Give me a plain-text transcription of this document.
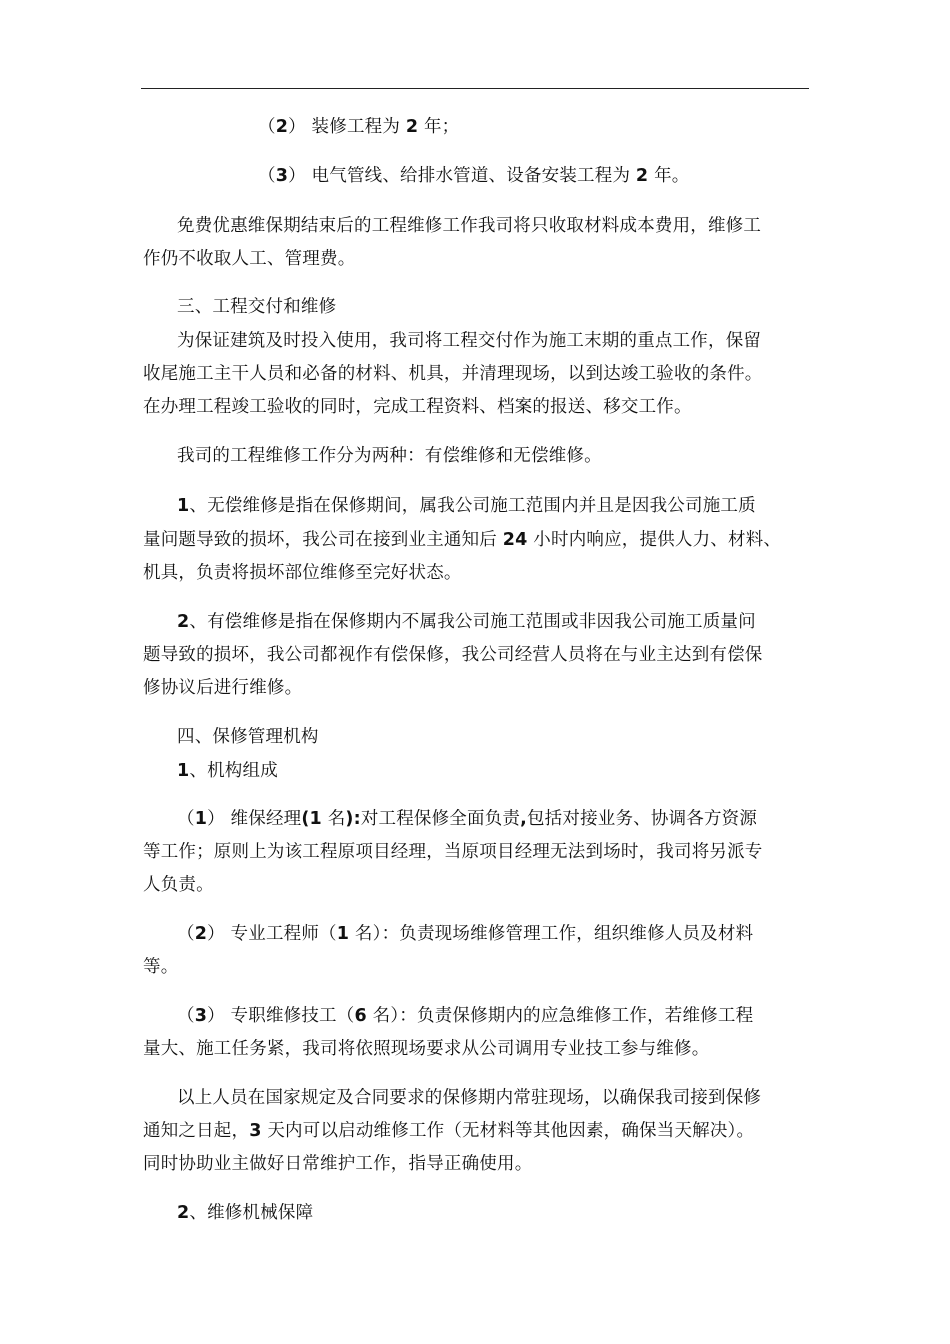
（2） 装修工程为 2 年；
（3） 电气管线、给排水管道、设备安装工程为 2 年。
免费优惠维保期结束后的工程维修工作我司将只收取材料成本费用，维修工
作仍不收取人工、管理费。
三、工程交付和维修
为保证建筑及时投入使用，我司将工程交付作为施工末期的重点工作，保留
收尾施工主干人员和必备的材料、机具，并清理现场，以到达竣工验收的条件。
在办理工程竣工验收的同时，完成工程资料、档案的报送、移交工作。
我司的工程维修工作分为两种：有偿维修和无偿维修。
1、无偿维修是指在保修期间，属我公司施工范围内并且是因我公司施工质
量问题导致的损坏，我公司在接到业主通知后 24 小时内响应，提供人力、材料、
机具，负责将损坏部位维修至完好状态。
2、有偿维修是指在保修期内不属我公司施工范围或非因我公司施工质量问
题导致的损坏，我公司都视作有偿保修，我公司经营人员将在与业主达到有偿保
修协议后进行维修。
四、保修管理机构
1、机构组成
（1） 维保经理(1 名):对工程保修全面负责,包括对接业务、协调各方资源
等工作；原则上为该工程原项目经理，当原项目经理无法到场时，我司将另派专
人负责。
（2） 专业工程师（1 名）：负责现场维修管理工作，组织维修人员及材料
等。
（3） 专职维修技工（6 名）：负责保修期内的应急维修工作，若维修工程
量大、施工任务紧，我司将依照现场要求从公司调用专业技工参与维修。
以上人员在国家规定及合同要求的保修期内常驻现场，以确保我司接到保修
通知之日起，3 天内可以启动维修工作（无材料等其他因素，确保当天解决）。
同时协助业主做好日常维护工作，指导正确使用。
2、维修机械保障
